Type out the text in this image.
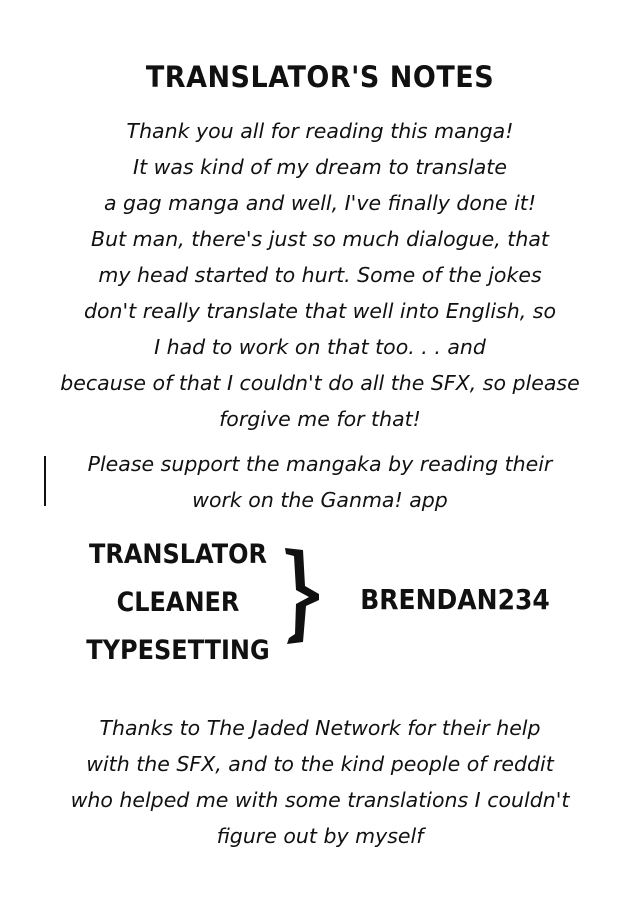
TRANSLATOR'S NOTES
Thank you all for reading this manga!
It was kind of my dream to translate
a gag manga and well, I've finally done it!
But man, there's just so much dialogue, that
my head started to hurt. Some of the jokes
don't really translate that well into English, so
I had to work on that too. . . and
because of that I couldn't do all the SFX, so please
forgive me for that!
Please support the mangaka by reading their
work on the Ganma! app
TRANSLATOR
CLEANER
TYPESETTING
BRENDAN234
Thanks to The Jaded Network for their help
with the SFX, and to the kind people of reddit
who helped me with some translations I couldn't
figure out by myself
